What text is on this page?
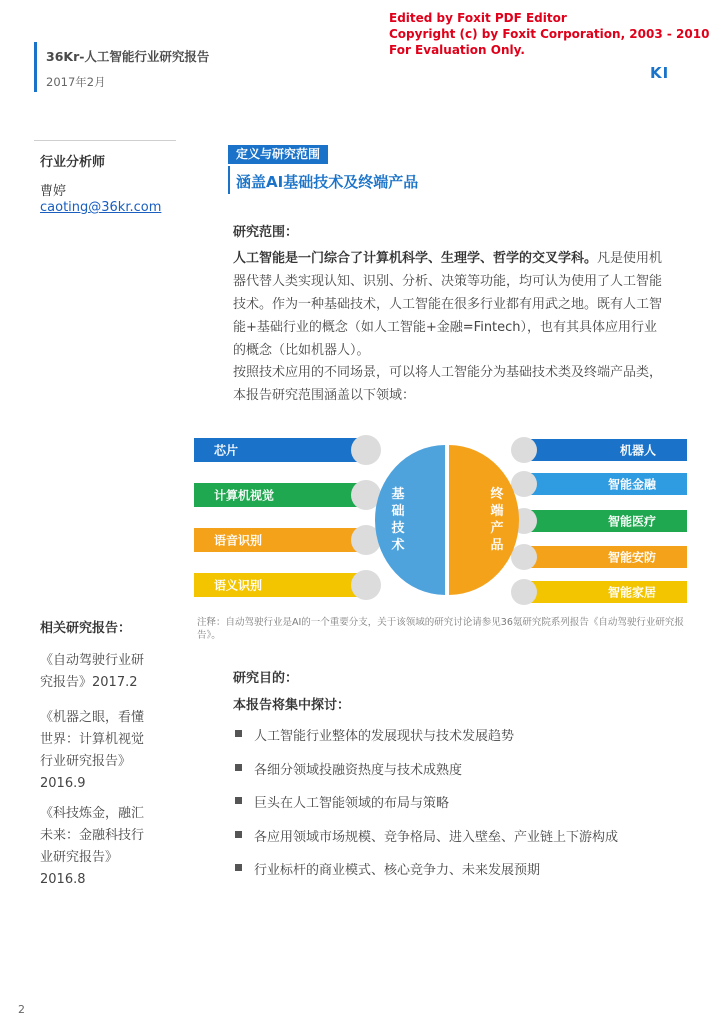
36Kr-人工智能行业研究报告
2017年2月
Edited by Foxit PDF Editor
Copyright (c) by Foxit Corporation, 2003 - 2010
For Evaluation Only.
KI
行业分析师
曹婷
caoting@36kr.com
定义与研究范围
涵盖AI基础技术及终端产品
研究范围：
人工智能是一门综合了计算机科学、生理学、哲学的交叉学科。凡是使用机器代替人类实现认知、识别、分析、决策等功能，均可认为使用了人工智能技术。作为一种基础技术，人工智能在很多行业都有用武之地。既有人工智能+基础行业的概念（如人工智能+金融=Fintech），也有其具体应用行业的概念（比如机器人）。
按照技术应用的不同场景，可以将人工智能分为基础技术类及终端产品类，本报告研究范围涵盖以下领域：
芯片
计算机视觉
语音识别
语义识别
机器人
智能金融
智能医疗
智能安防
智能家居
基础技术
终端产品
相关研究报告：
《自动驾驶行业研
究报告》2017.2
《机器之眼，看懂
世界：计算机视觉
行业研究报告》
2016.9
《科技炼金，融汇
未来：金融科技行
业研究报告》
2016.8
注释：自动驾驶行业是AI的一个重要分支，关于该领域的研究讨论请参见36氪研究院系列报告《自动驾驶行业研究报告》。
研究目的：
本报告将集中探讨：
人工智能行业整体的发展现状与技术发展趋势
各细分领域投融资热度与技术成熟度
巨头在人工智能领域的布局与策略
各应用领域市场规模、竞争格局、进入壁垒、产业链上下游构成
行业标杆的商业模式、核心竞争力、未来发展预期
2
